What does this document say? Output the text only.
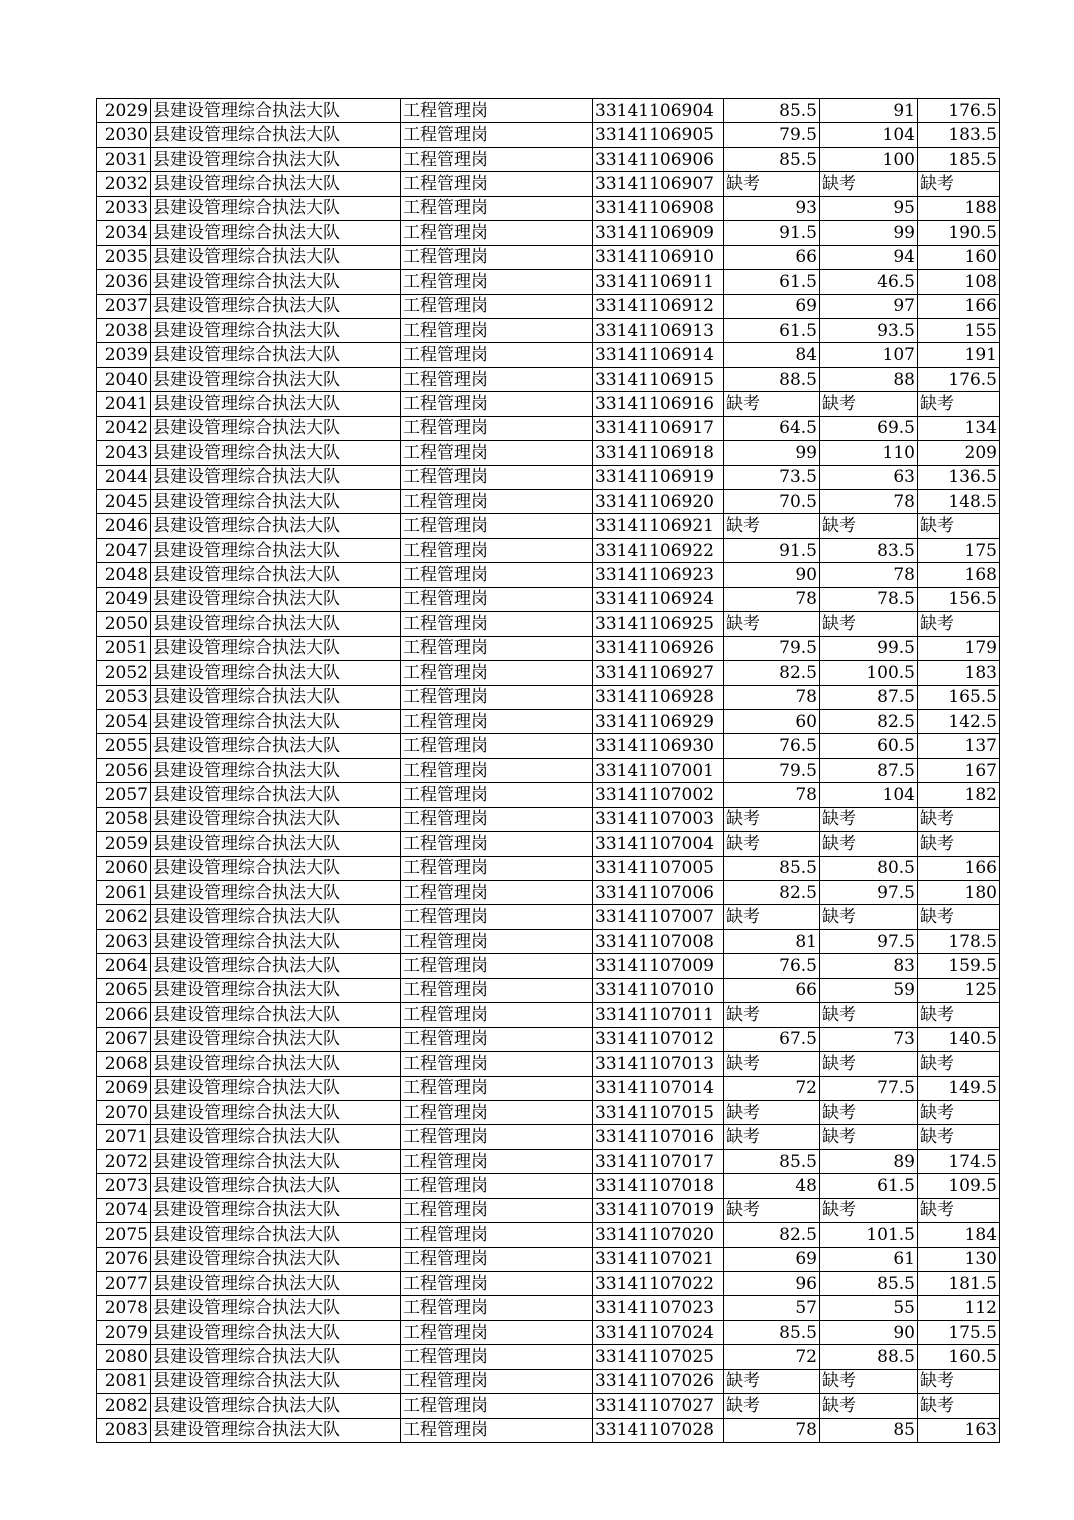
2029	县建设管理综合执法大队	工程管理岗	33141106904	85.5	91	176.5
2030	县建设管理综合执法大队	工程管理岗	33141106905	79.5	104	183.5
2031	县建设管理综合执法大队	工程管理岗	33141106906	85.5	100	185.5
2032	县建设管理综合执法大队	工程管理岗	33141106907	缺考	缺考	缺考
2033	县建设管理综合执法大队	工程管理岗	33141106908	93	95	188
2034	县建设管理综合执法大队	工程管理岗	33141106909	91.5	99	190.5
2035	县建设管理综合执法大队	工程管理岗	33141106910	66	94	160
2036	县建设管理综合执法大队	工程管理岗	33141106911	61.5	46.5	108
2037	县建设管理综合执法大队	工程管理岗	33141106912	69	97	166
2038	县建设管理综合执法大队	工程管理岗	33141106913	61.5	93.5	155
2039	县建设管理综合执法大队	工程管理岗	33141106914	84	107	191
2040	县建设管理综合执法大队	工程管理岗	33141106915	88.5	88	176.5
2041	县建设管理综合执法大队	工程管理岗	33141106916	缺考	缺考	缺考
2042	县建设管理综合执法大队	工程管理岗	33141106917	64.5	69.5	134
2043	县建设管理综合执法大队	工程管理岗	33141106918	99	110	209
2044	县建设管理综合执法大队	工程管理岗	33141106919	73.5	63	136.5
2045	县建设管理综合执法大队	工程管理岗	33141106920	70.5	78	148.5
2046	县建设管理综合执法大队	工程管理岗	33141106921	缺考	缺考	缺考
2047	县建设管理综合执法大队	工程管理岗	33141106922	91.5	83.5	175
2048	县建设管理综合执法大队	工程管理岗	33141106923	90	78	168
2049	县建设管理综合执法大队	工程管理岗	33141106924	78	78.5	156.5
2050	县建设管理综合执法大队	工程管理岗	33141106925	缺考	缺考	缺考
2051	县建设管理综合执法大队	工程管理岗	33141106926	79.5	99.5	179
2052	县建设管理综合执法大队	工程管理岗	33141106927	82.5	100.5	183
2053	县建设管理综合执法大队	工程管理岗	33141106928	78	87.5	165.5
2054	县建设管理综合执法大队	工程管理岗	33141106929	60	82.5	142.5
2055	县建设管理综合执法大队	工程管理岗	33141106930	76.5	60.5	137
2056	县建设管理综合执法大队	工程管理岗	33141107001	79.5	87.5	167
2057	县建设管理综合执法大队	工程管理岗	33141107002	78	104	182
2058	县建设管理综合执法大队	工程管理岗	33141107003	缺考	缺考	缺考
2059	县建设管理综合执法大队	工程管理岗	33141107004	缺考	缺考	缺考
2060	县建设管理综合执法大队	工程管理岗	33141107005	85.5	80.5	166
2061	县建设管理综合执法大队	工程管理岗	33141107006	82.5	97.5	180
2062	县建设管理综合执法大队	工程管理岗	33141107007	缺考	缺考	缺考
2063	县建设管理综合执法大队	工程管理岗	33141107008	81	97.5	178.5
2064	县建设管理综合执法大队	工程管理岗	33141107009	76.5	83	159.5
2065	县建设管理综合执法大队	工程管理岗	33141107010	66	59	125
2066	县建设管理综合执法大队	工程管理岗	33141107011	缺考	缺考	缺考
2067	县建设管理综合执法大队	工程管理岗	33141107012	67.5	73	140.5
2068	县建设管理综合执法大队	工程管理岗	33141107013	缺考	缺考	缺考
2069	县建设管理综合执法大队	工程管理岗	33141107014	72	77.5	149.5
2070	县建设管理综合执法大队	工程管理岗	33141107015	缺考	缺考	缺考
2071	县建设管理综合执法大队	工程管理岗	33141107016	缺考	缺考	缺考
2072	县建设管理综合执法大队	工程管理岗	33141107017	85.5	89	174.5
2073	县建设管理综合执法大队	工程管理岗	33141107018	48	61.5	109.5
2074	县建设管理综合执法大队	工程管理岗	33141107019	缺考	缺考	缺考
2075	县建设管理综合执法大队	工程管理岗	33141107020	82.5	101.5	184
2076	县建设管理综合执法大队	工程管理岗	33141107021	69	61	130
2077	县建设管理综合执法大队	工程管理岗	33141107022	96	85.5	181.5
2078	县建设管理综合执法大队	工程管理岗	33141107023	57	55	112
2079	县建设管理综合执法大队	工程管理岗	33141107024	85.5	90	175.5
2080	县建设管理综合执法大队	工程管理岗	33141107025	72	88.5	160.5
2081	县建设管理综合执法大队	工程管理岗	33141107026	缺考	缺考	缺考
2082	县建设管理综合执法大队	工程管理岗	33141107027	缺考	缺考	缺考
2083	县建设管理综合执法大队	工程管理岗	33141107028	78	85	163
